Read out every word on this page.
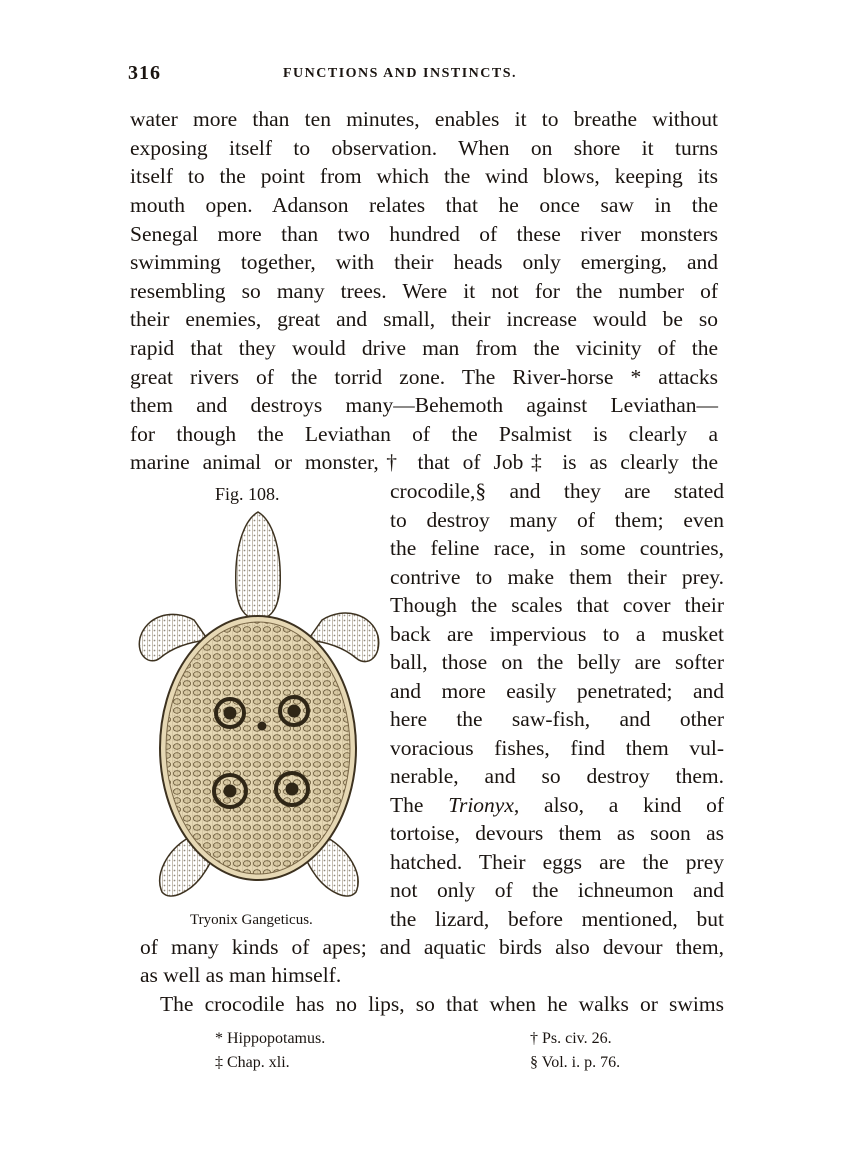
316	FUNCTIONS AND INSTINCTS.
water more than ten minutes, enables it to breathe without
exposing itself to observation. When on shore it turns
itself to the point from which the wind blows, keeping its
mouth open. Adanson relates that he once saw in the
Senegal more than two hundred of these river monsters
swimming together, with their heads only emerging, and
resembling so many trees. Were it not for the number of
their enemies, great and small, their increase would be so
rapid that they would drive man from the vicinity of the
great rivers of the torrid zone. The River-horse * attacks
them and destroys many—Behemoth against Leviathan—
for though the Leviathan of the Psalmist is clearly a
marine animal or monster,† that of Job‡ is as clearly the
Fig. 108.
Tryonix Gangeticus.
crocodile,§ and they are stated
to destroy many of them; even
the feline race, in some countries,
contrive to make them their prey.
Though the scales that cover their
back are impervious to a musket
ball, those on the belly are softer
and more easily penetrated; and
here the saw-fish, and other
voracious fishes, find them vul-
nerable, and so destroy them.
The Trionyx, also, a kind of
tortoise, devours them as soon as
hatched. Their eggs are the prey
not only of the ichneumon and
the lizard, before mentioned, but
of many kinds of apes; and aquatic birds also devour them,
as well as man himself.
The crocodile has no lips, so that when he walks or swims
* Hippopotamus.	† Ps. civ. 26.
‡ Chap. xli.	§ Vol. i. p. 76.
